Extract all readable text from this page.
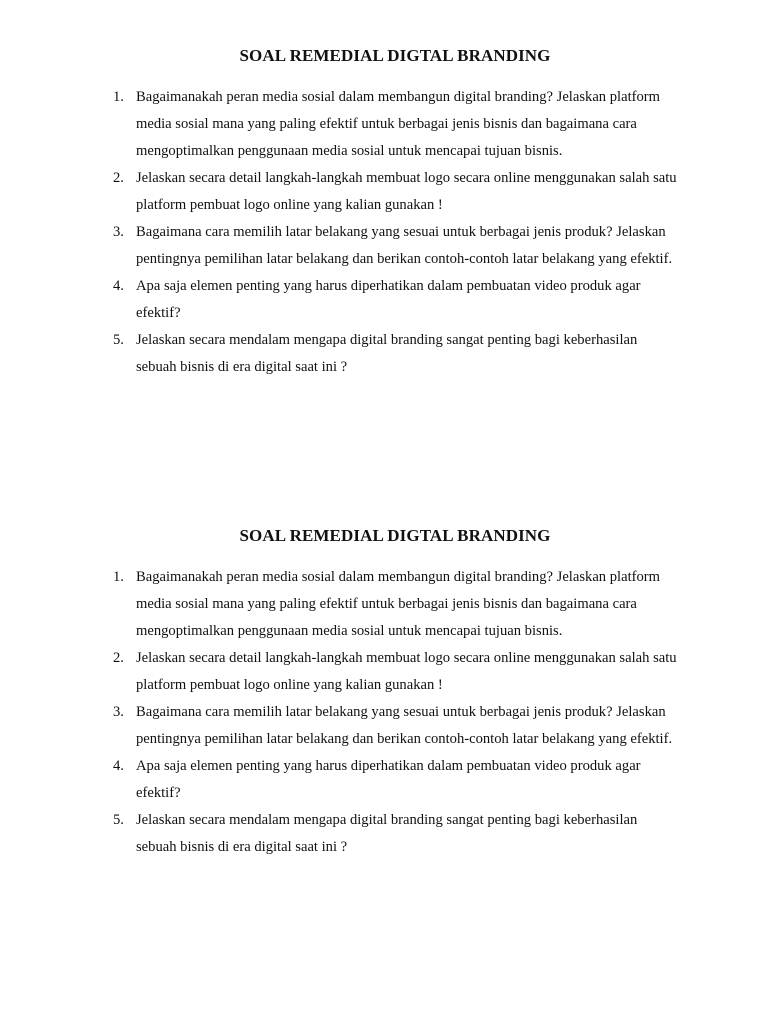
SOAL REMEDIAL DIGTAL BRANDING
1. Bagaimanakah peran media sosial dalam membangun digital branding? Jelaskan platform media sosial mana yang paling efektif untuk berbagai jenis bisnis dan bagaimana cara mengoptimalkan penggunaan media sosial untuk mencapai tujuan bisnis.
2. Jelaskan secara detail langkah-langkah membuat logo secara online menggunakan salah satu platform pembuat logo online yang kalian gunakan !
3. Bagaimana cara memilih latar belakang yang sesuai untuk berbagai jenis produk? Jelaskan pentingnya pemilihan latar belakang dan berikan contoh-contoh latar belakang yang efektif.
4. Apa saja elemen penting yang harus diperhatikan dalam pembuatan video produk agar efektif?
5. Jelaskan secara mendalam mengapa digital branding sangat penting bagi keberhasilan sebuah bisnis di era digital saat ini ?
SOAL REMEDIAL DIGTAL BRANDING
1. Bagaimanakah peran media sosial dalam membangun digital branding? Jelaskan platform media sosial mana yang paling efektif untuk berbagai jenis bisnis dan bagaimana cara mengoptimalkan penggunaan media sosial untuk mencapai tujuan bisnis.
2. Jelaskan secara detail langkah-langkah membuat logo secara online menggunakan salah satu platform pembuat logo online yang kalian gunakan !
3. Bagaimana cara memilih latar belakang yang sesuai untuk berbagai jenis produk? Jelaskan pentingnya pemilihan latar belakang dan berikan contoh-contoh latar belakang yang efektif.
4. Apa saja elemen penting yang harus diperhatikan dalam pembuatan video produk agar efektif?
5. Jelaskan secara mendalam mengapa digital branding sangat penting bagi keberhasilan sebuah bisnis di era digital saat ini ?
